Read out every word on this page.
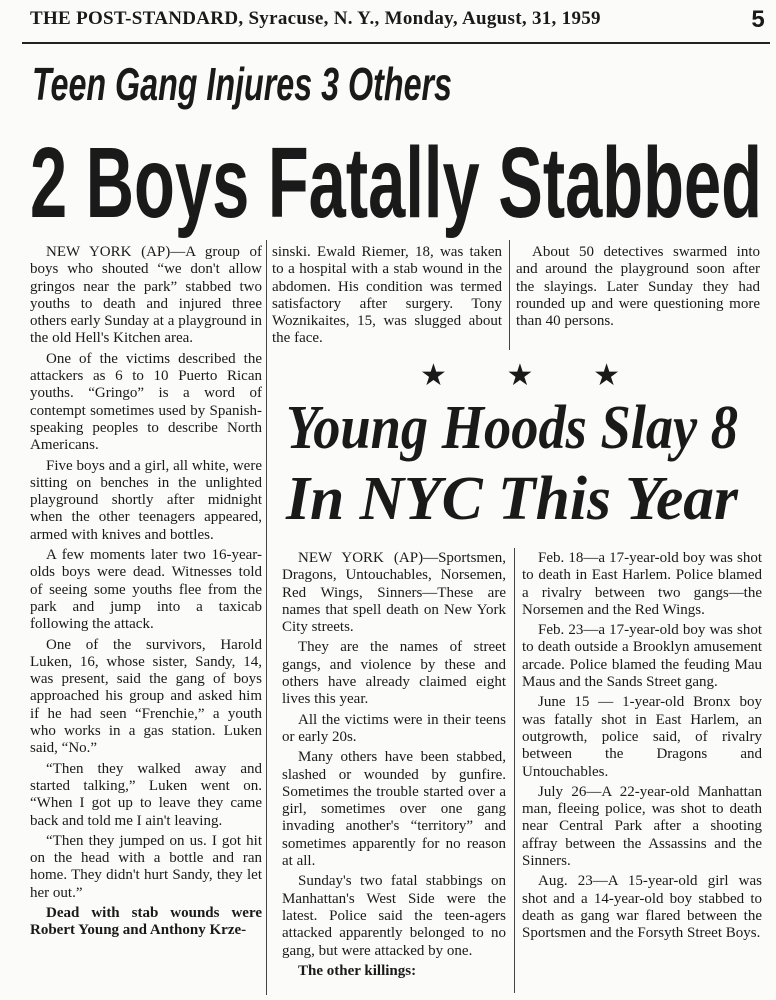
THE POST-STANDARD, Syracuse, N. Y., Monday, August, 31, 1959	5
Teen Gang Injures 3 Others
2 Boys Fatally Stabbed

NEW YORK (AP)—A group of boys who shouted “we don't allow gringos near the park” stabbed two youths to death and injured three others early Sunday at a playground in the old Hell's Kitchen area.

One of the victims described the attackers as 6 to 10 Puerto Rican youths. “Gringo” is a word of contempt sometimes used by Spanish-speaking peoples to describe North Americans.

Five boys and a girl, all white, were sitting on benches in the unlighted playground shortly after midnight when the other teenagers appeared, armed with knives and bottles.

A few moments later two 16-year-olds boys were dead. Witnesses told of seeing some youths flee from the park and jump into a taxicab following the attack.

One of the survivors, Harold Luken, 16, whose sister, Sandy, 14, was present, said the gang of boys approached his group and asked him if he had seen “Frenchie,” a youth who works in a gas station. Luken said, “No.”

“Then they walked away and started talking,” Luken went on. “When I got up to leave they came back and told me I ain't leaving.

“Then they jumped on us. I got hit on the head with a bottle and ran home. They didn't hurt Sandy, they let her out.”

Dead with stab wounds were Robert Young and Anthony Krze-

sinski. Ewald Riemer, 18, was taken to a hospital with a stab wound in the abdomen. His condition was termed satisfactory after surgery. Tony Woznikaites, 15, was slugged about the face.

About 50 detectives swarmed into and around the playground soon after the slayings. Later Sunday they had rounded up and were questioning more than 40 persons.

★ ★ ★
Young Hoods Slay 8
In NYC This Year

NEW YORK (AP)—Sportsmen, Dragons, Untouchables, Norsemen, Red Wings, Sinners—These are names that spell death on New York City streets.

They are the names of street gangs, and violence by these and others have already claimed eight lives this year.

All the victims were in their teens or early 20s.

Many others have been stabbed, slashed or wounded by gunfire. Sometimes the trouble started over a girl, sometimes over one gang invading another's “territory” and sometimes apparently for no reason at all.

Sunday's two fatal stabbings on Manhattan's West Side were the latest. Police said the teen-agers attacked apparently belonged to no gang, but were attacked by one.

The other killings:

Feb. 18—a 17-year-old boy was shot to death in East Harlem. Police blamed a rivalry between two gangs—the Norsemen and the Red Wings.

Feb. 23—a 17-year-old boy was shot to death outside a Brooklyn amusement arcade. Police blamed the feuding Mau Maus and the Sands Street gang.

June 15 — 1-year-old Bronx boy was fatally shot in East Harlem, an outgrowth, police said, of rivalry between the Dragons and Untouchables.

July 26—A 22-year-old Manhattan man, fleeing police, was shot to death near Central Park after a shooting affray between the Assassins and the Sinners.

Aug. 23—A 15-year-old girl was shot and a 14-year-old boy stabbed to death as gang war flared between the Sportsmen and the Forsyth Street Boys.
